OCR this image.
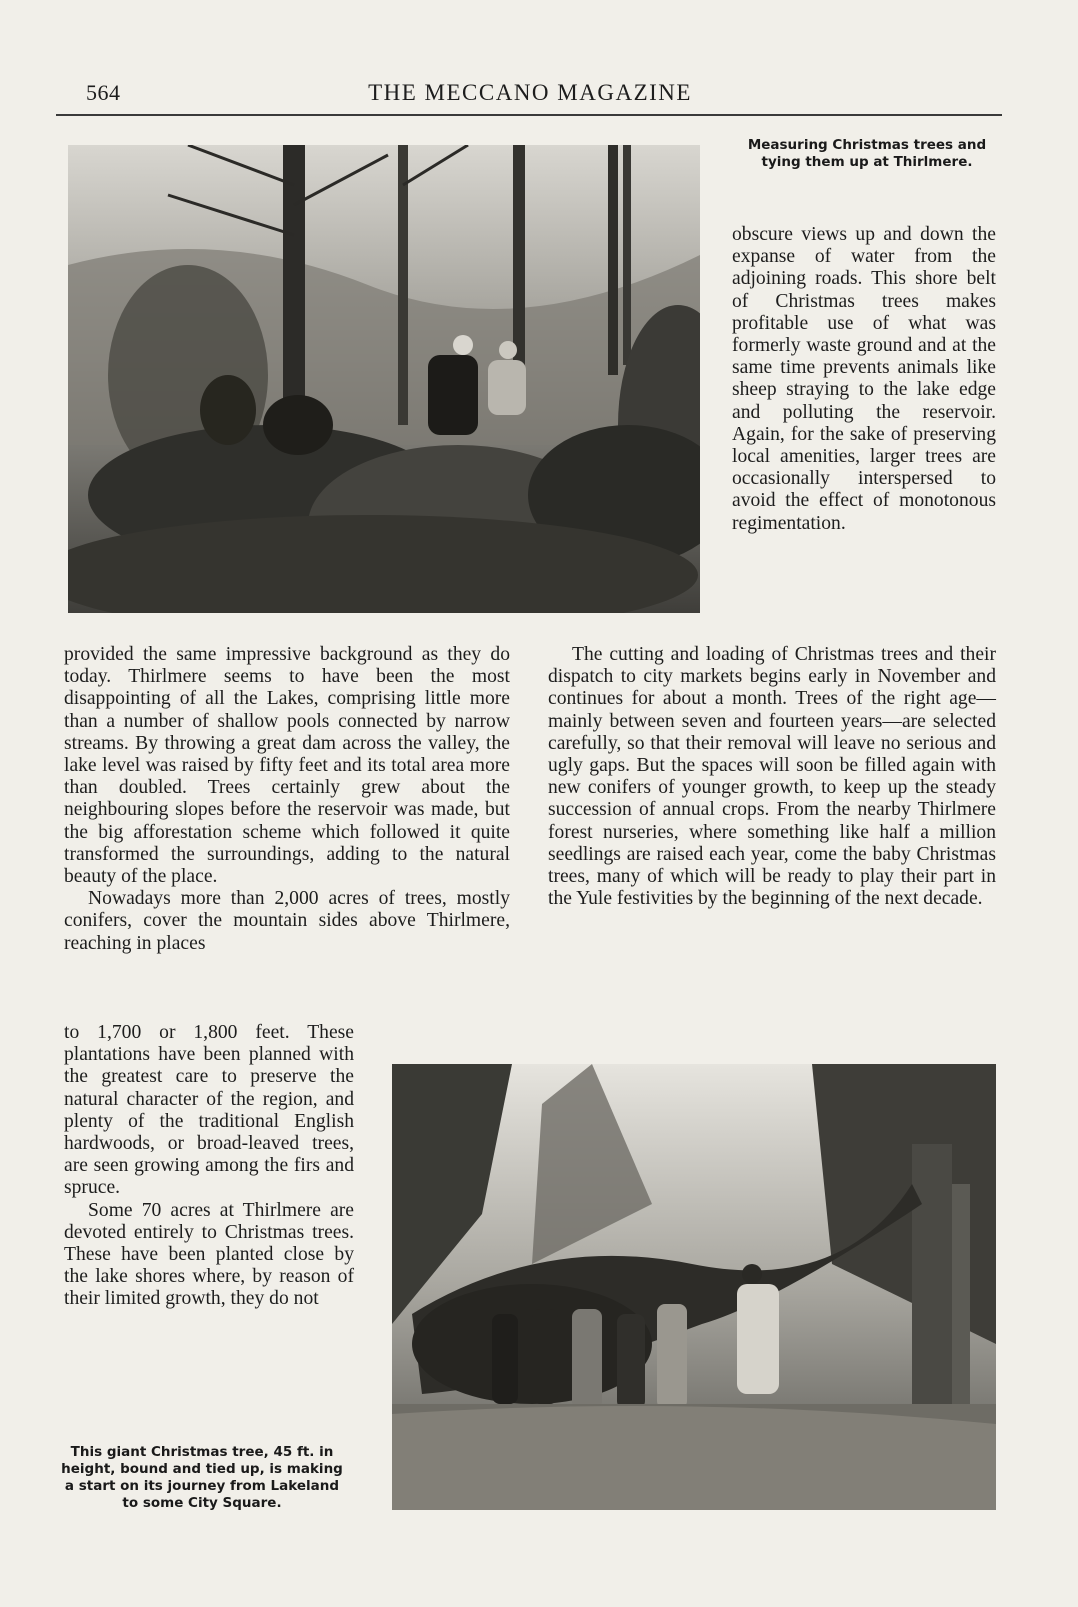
564	THE MECCANO MAGAZINE
Measuring Christmas trees and tying them up at Thirlmere.

obscure views up and down the expanse of water from the adjoining roads. This shore belt of Christmas trees makes profitable use of what was formerly waste ground and at the same time prevents animals like sheep straying to the lake edge and polluting the reservoir. Again, for the sake of preserving local amenities, larger trees are occasionally interspersed to avoid the effect of monotonous regimentation.

provided the same impressive background as they do today. Thirlmere seems to have been the most disappointing of all the Lakes, comprising little more than a number of shallow pools connected by narrow streams. By throwing a great dam across the valley, the lake level was raised by fifty feet and its total area more than doubled. Trees certainly grew about the neighbouring slopes before the reservoir was made, but the big afforestation scheme which followed it quite transformed the surroundings, adding to the natural beauty of the place.

Nowadays more than 2,000 acres of trees, mostly conifers, cover the mountain sides above Thirlmere, reaching in places

to 1,700 or 1,800 feet. These plantations have been planned with the greatest care to preserve the natural character of the region, and plenty of the traditional English hardwoods, or broad-leaved trees, are seen growing among the firs and spruce.

Some 70 acres at Thirlmere are devoted entirely to Christmas trees. These have been planted close by the lake shores where, by reason of their limited growth, they do not

The cutting and loading of Christmas trees and their dispatch to city markets begins early in November and continues for about a month. Trees of the right age—mainly between seven and fourteen years—are selected carefully, so that their removal will leave no serious and ugly gaps. But the spaces will soon be filled again with new conifers of younger growth, to keep up the steady succession of annual crops. From the nearby Thirlmere forest nurseries, where something like half a million seedlings are raised each year, come the baby Christmas trees, many of which will be ready to play their part in the Yule festivities by the beginning of the next decade.

This giant Christmas tree, 45 ft. in height, bound and tied up, is making a start on its journey from Lakeland to some City Square.
